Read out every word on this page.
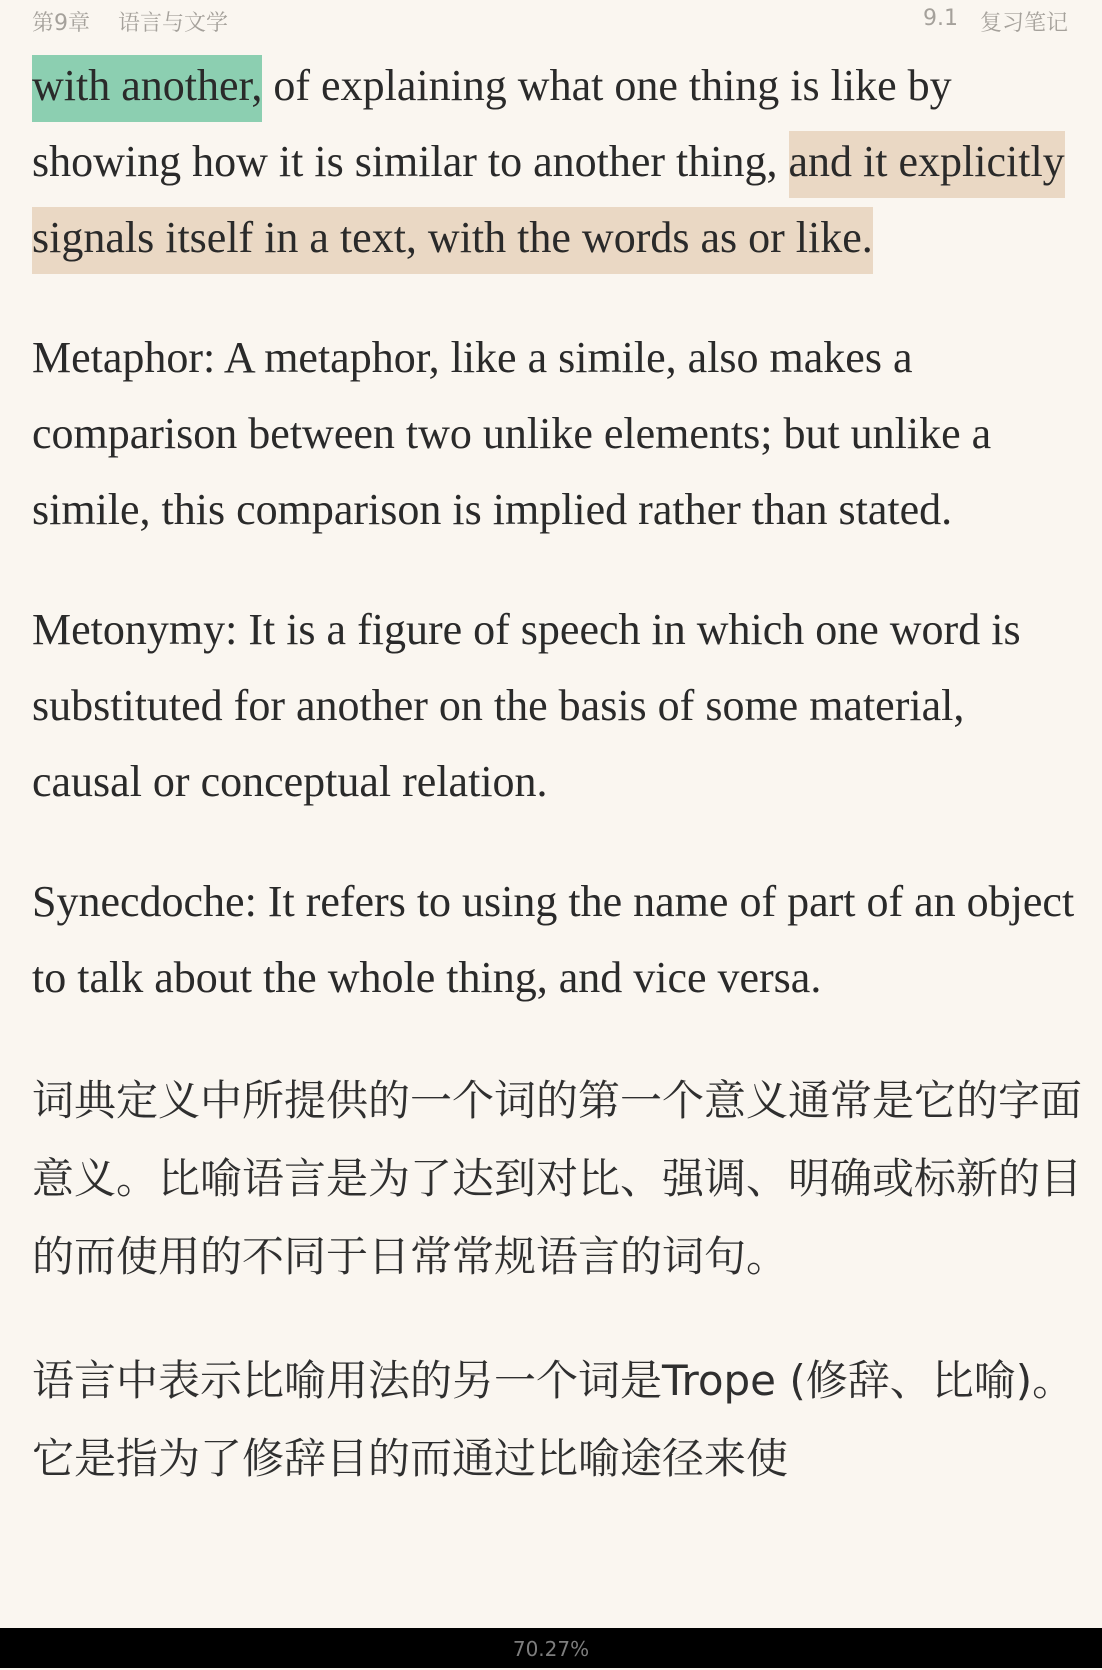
第9章 语言与文学	9.1 复习笔记

with another, of explaining what one thing is like by showing how it is similar to another thing, and it explicitly signals itself in a text, with the words as or like.

Metaphor: A metaphor, like a simile, also makes a comparison between two unlike elements; but unlike a simile, this comparison is implied rather than stated.

Metonymy: It is a figure of speech in which one word is substituted for another on the basis of some material, causal or conceptual relation.

Synecdoche: It refers to using the name of part of an object to talk about the whole thing, and vice versa.

词典定义中所提供的一个词的第一个意义通常是它的字面意义。比喻语言是为了达到对比、强调、明确或标新的目的而使用的不同于日常常规语言的词句。

语言中表示比喻用法的另一个词是Trope (修辞、比喻)。它是指为了修辞目的而通过比喻途径来使

70.27%
